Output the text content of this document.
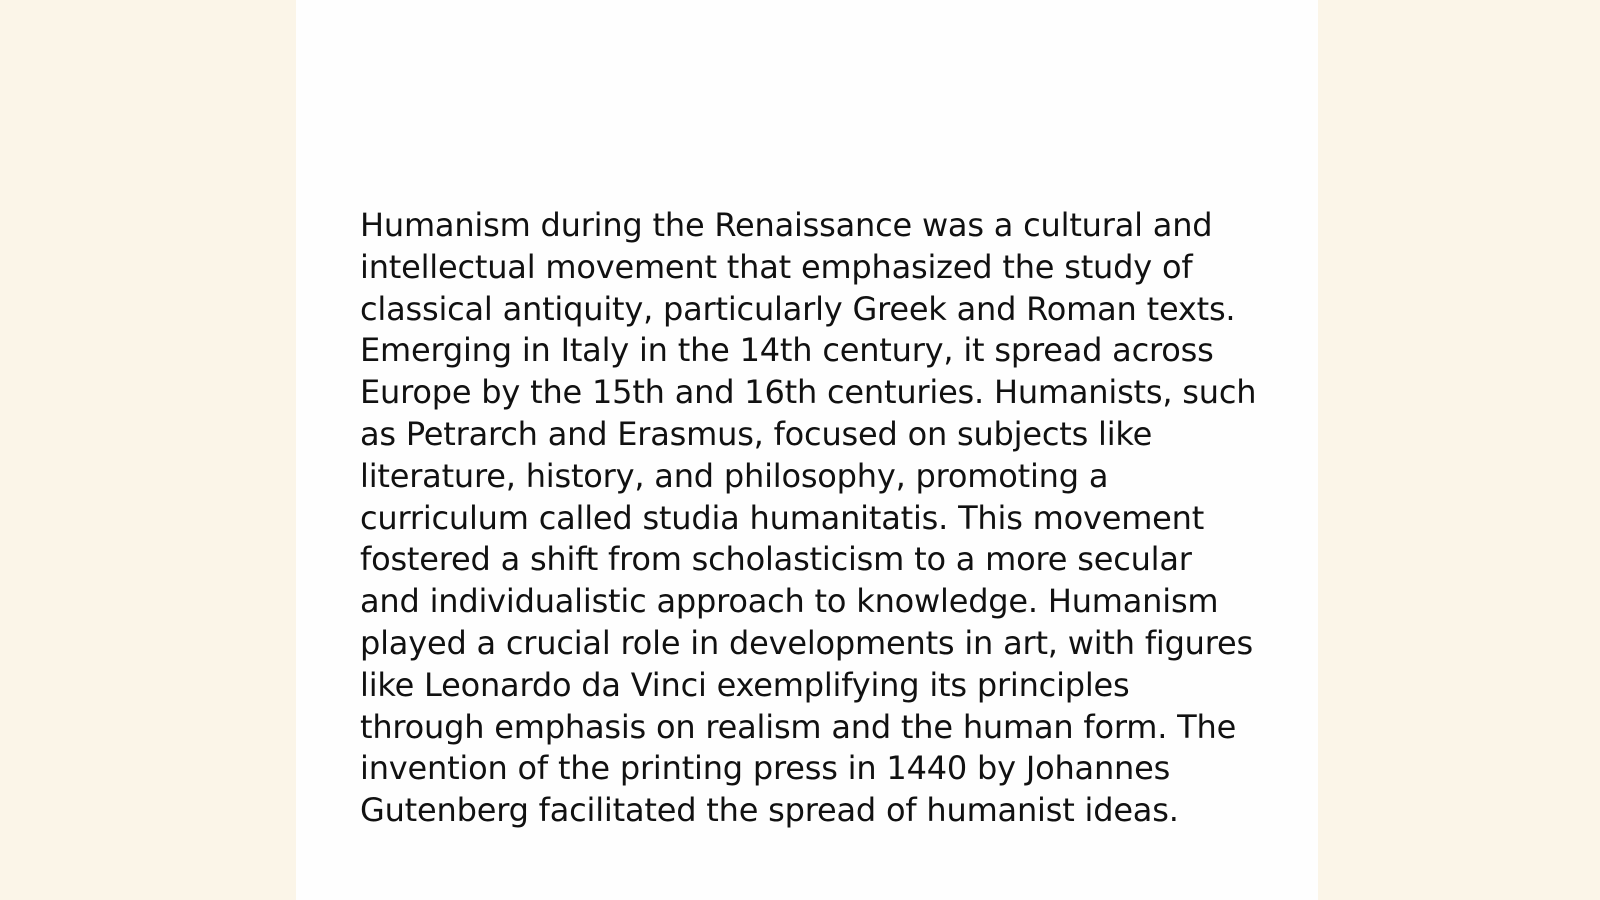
Humanism during the Renaissance was a cultural and intellectual movement that emphasized the study of classical antiquity, particularly Greek and Roman texts. Emerging in Italy in the 14th century, it spread across Europe by the 15th and 16th centuries. Humanists, such as Petrarch and Erasmus, focused on subjects like literature, history, and philosophy, promoting a curriculum called studia humanitatis. This movement fostered a shift from scholasticism to a more secular and individualistic approach to knowledge. Humanism played a crucial role in developments in art, with figures like Leonardo da Vinci exemplifying its principles through emphasis on realism and the human form. The invention of the printing press in 1440 by Johannes Gutenberg facilitated the spread of humanist ideas.
